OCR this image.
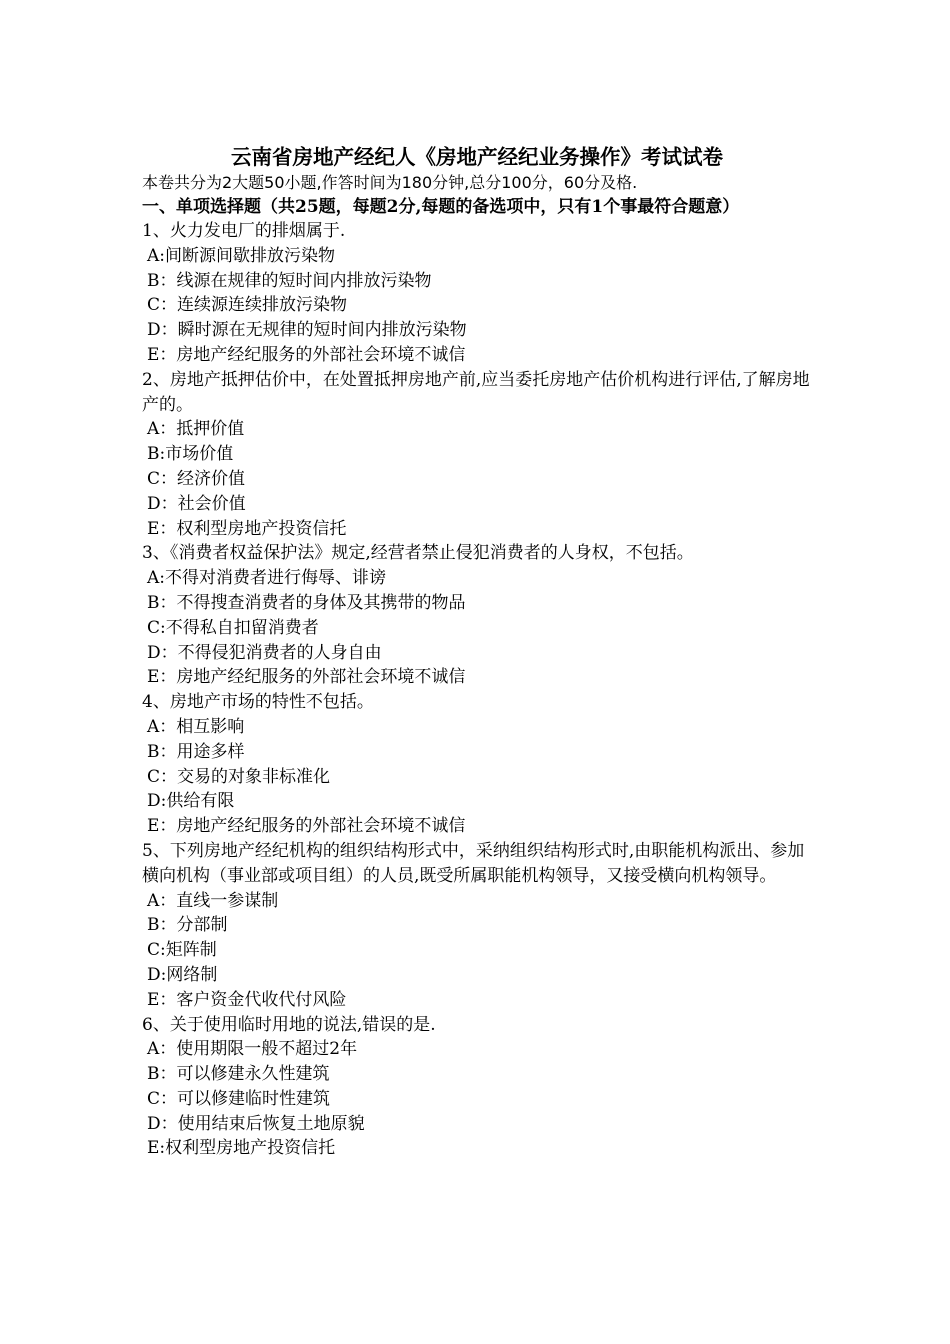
云南省房地产经纪人《房地产经纪业务操作》考试试卷
本卷共分为2大题50小题,作答时间为180分钟,总分100分，60分及格.
一、单项选择题（共25题，每题2分,每题的备选项中，只有1个事最符合题意）
1、火力发电厂的排烟属于.
A:间断源间歇排放污染物
B：线源在规律的短时间内排放污染物
C：连续源连续排放污染物
D：瞬时源在无规律的短时间内排放污染物
E：房地产经纪服务的外部社会环境不诚信
2、房地产抵押估价中，在处置抵押房地产前,应当委托房地产估价机构进行评估,了解房地产的。
A：抵押价值
B:市场价值
C：经济价值
D：社会价值
E：权利型房地产投资信托
3、《消费者权益保护法》规定,经营者禁止侵犯消费者的人身权，不包括。
A:不得对消费者进行侮辱、诽谤
B：不得搜查消费者的身体及其携带的物品
C:不得私自扣留消费者
D：不得侵犯消费者的人身自由
E：房地产经纪服务的外部社会环境不诚信
4、房地产市场的特性不包括。
A：相互影响
B：用途多样
C：交易的对象非标准化
D:供给有限
E：房地产经纪服务的外部社会环境不诚信
5、下列房地产经纪机构的组织结构形式中，采纳组织结构形式时,由职能机构派出、参加横向机构（事业部或项目组）的人员,既受所属职能机构领导，又接受横向机构领导。
A：直线一参谋制
B：分部制
C:矩阵制
D:网络制
E：客户资金代收代付风险
6、关于使用临时用地的说法,错误的是.
A：使用期限一般不超过2年
B：可以修建永久性建筑
C：可以修建临时性建筑
D：使用结束后恢复土地原貌
E:权利型房地产投资信托
